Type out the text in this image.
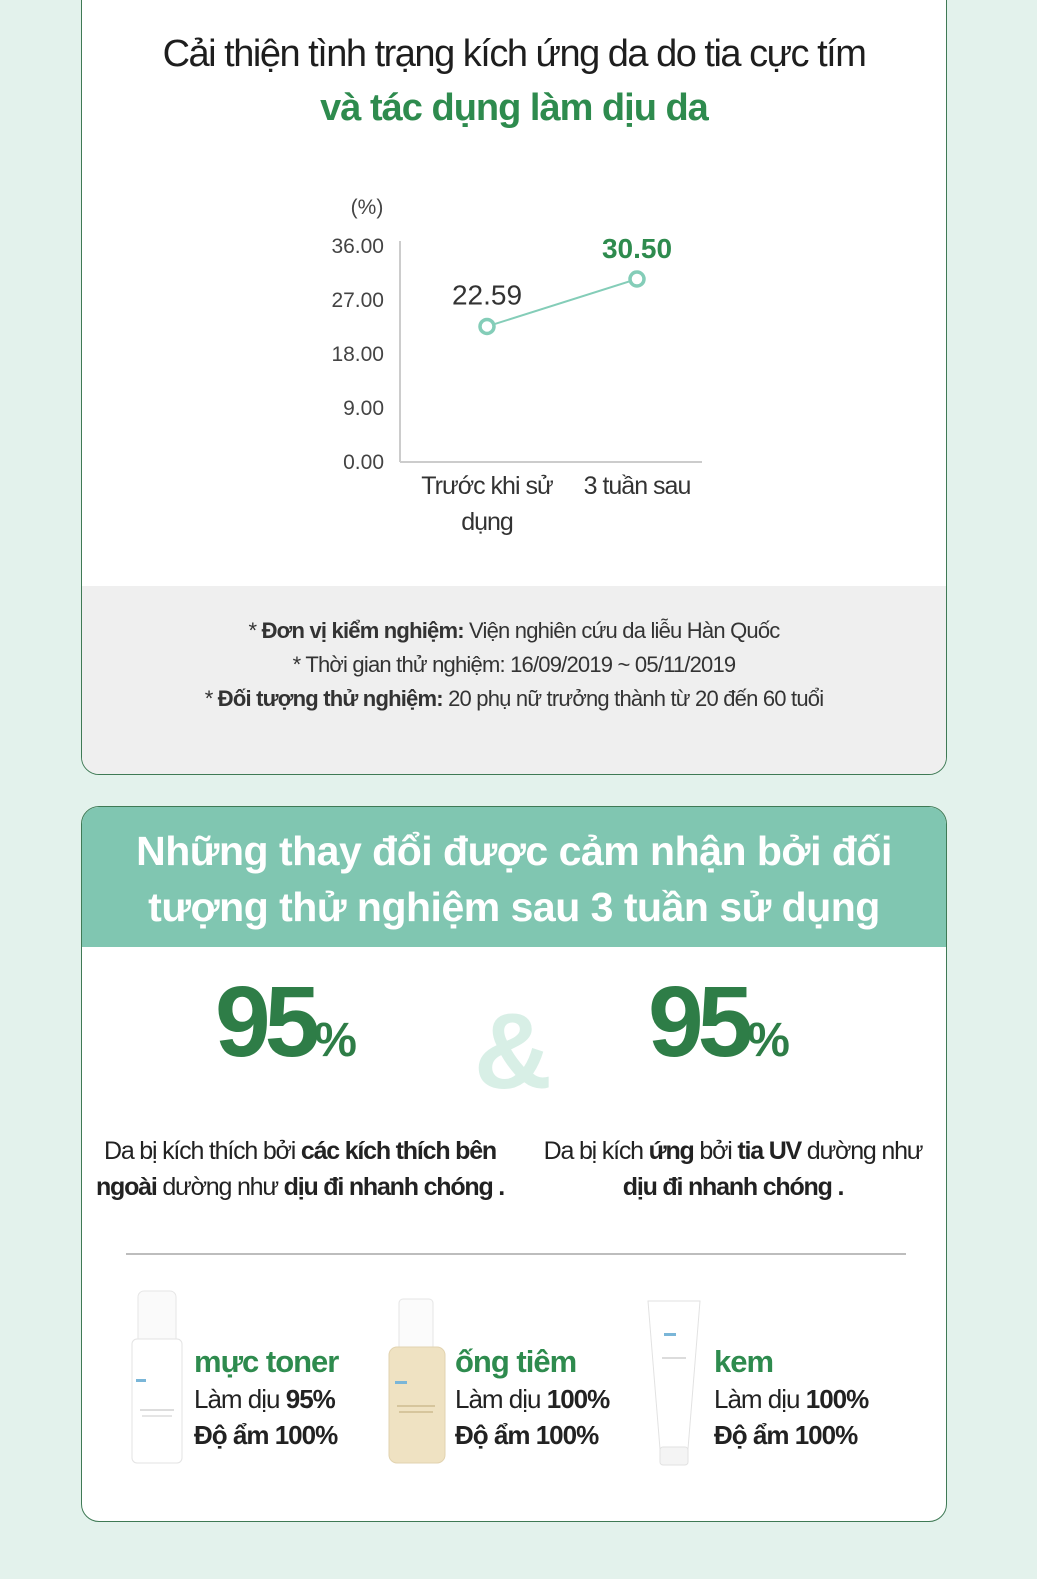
Cải thiện tình trạng kích ứng da do tia cực tím
và tác dụng làm dịu da
(%)
36.00
27.00
18.00
9.00
0.00
22.59
30.50
Trước khi sử
dụng
3 tuần sau

* Đơn vị kiểm nghiệm: Viện nghiên cứu da liễu Hàn Quốc

* Thời gian thử nghiệm: 16/09/2019 ~ 05/11/2019

* Đối tượng thử nghiệm: 20 phụ nữ trưởng thành từ 20 đến 60 tuổi

Những thay đổi được cảm nhận bởi đối
tượng thử nghiệm sau 3 tuần sử dụng
95% & 95%
Da bị kích thích bởi các kích thích bên
ngoài dường như dịu đi nhanh chóng .
Da bị kích ứng bởi tia UV dường như
dịu đi nhanh chóng .
mực toner
Làm dịu 95%
Độ ẩm 100%
ống tiêm
Làm dịu 100%
Độ ẩm 100%
kem
Làm dịu 100%
Độ ẩm 100%
